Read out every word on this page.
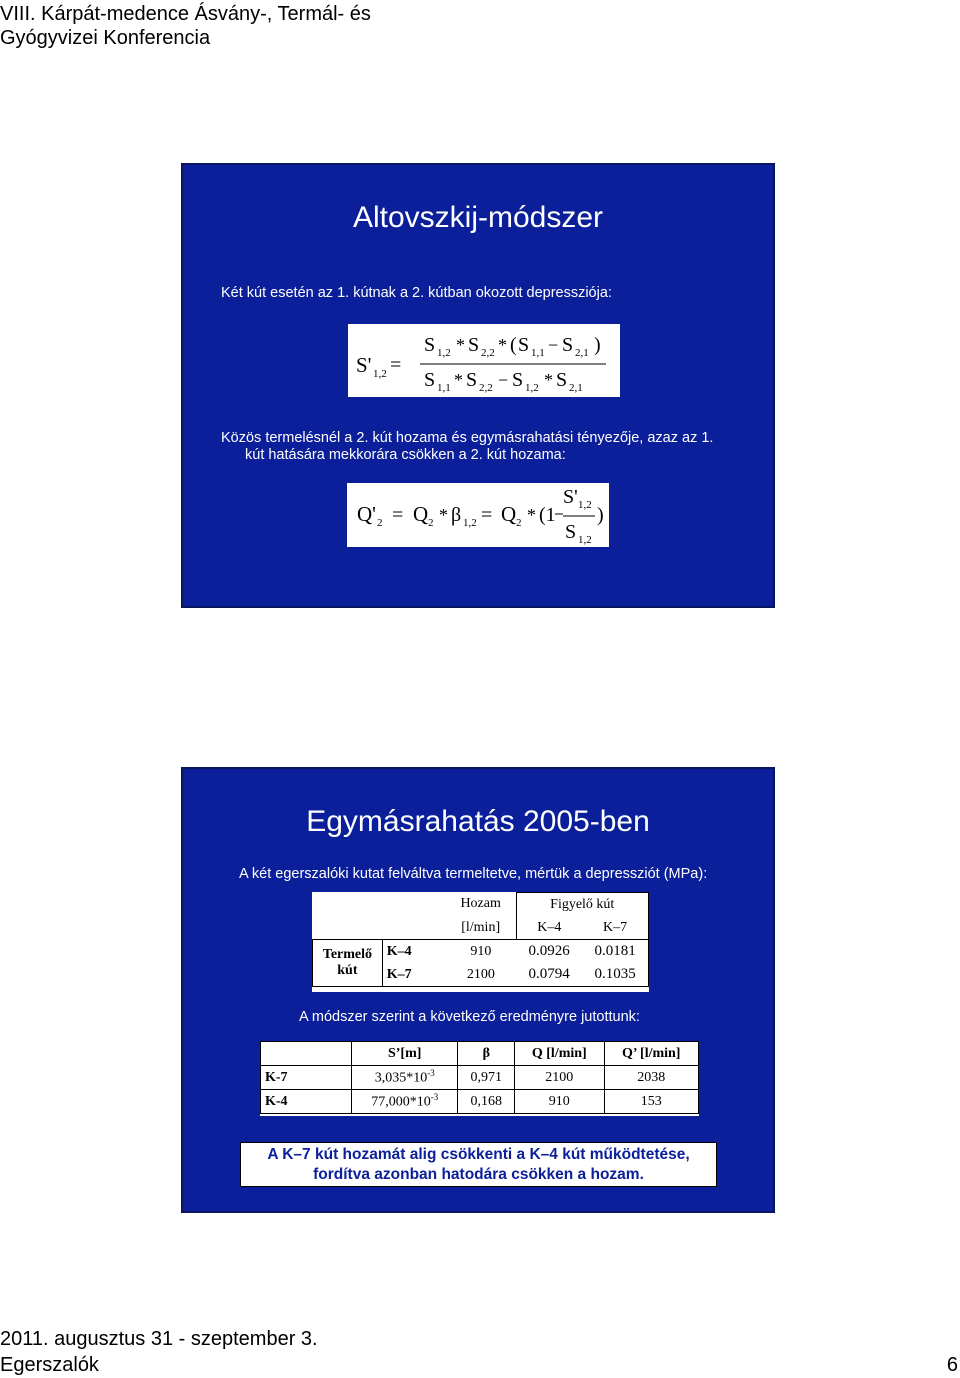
VIII. Kárpát-medence Ásvány-, Termál- és
Gyógyvizei Konferencia
Altovszkij-módszer
Két kút esetén az 1. kútnak a 2. kútban okozott depressziója:
S' 1,2 =
S 1,2 * S 2,2 * ( S 1,1 − S 2,1 )
S 1,1 * S 2,2 − S 1,2 * S 2,1
Közös termelésnél a 2. kút hozama és egymásrahatási tényezője, azaz az 1.
kút hatására mekkorára csökken a 2. kút hozama:
Q' 2 = Q 2 * β 1,2 = Q 2 * (1
S' 1,2
S 1,2
)
Egymásrahatás 2005-ben
A két egerszalóki kutat felváltva termeltetve, mértük a depressziót (MPa):
		Hozam	Figyelő kút	
		[l/min]	K–4	K–7
Termelő	K–4	910	0.0926	0.0181
kút	K–7	2100	0.0794	0.1035
A módszer szerint a következő eredményre jutottunk:
	S’[m]	β	Q [l/min]	Q’ [l/min]
K-7	$3,035*10^{-3}$	0,971	2100	2038
K-4	$77,000*10^{-3}$	0,168	910	153
A K–7 kút hozamát alig csökkenti a K–4 kút működtetése,
fordítva azonban hatodára csökken a hozam.
2011. augusztus 31 - szeptember 3.
Egerszalók	6
